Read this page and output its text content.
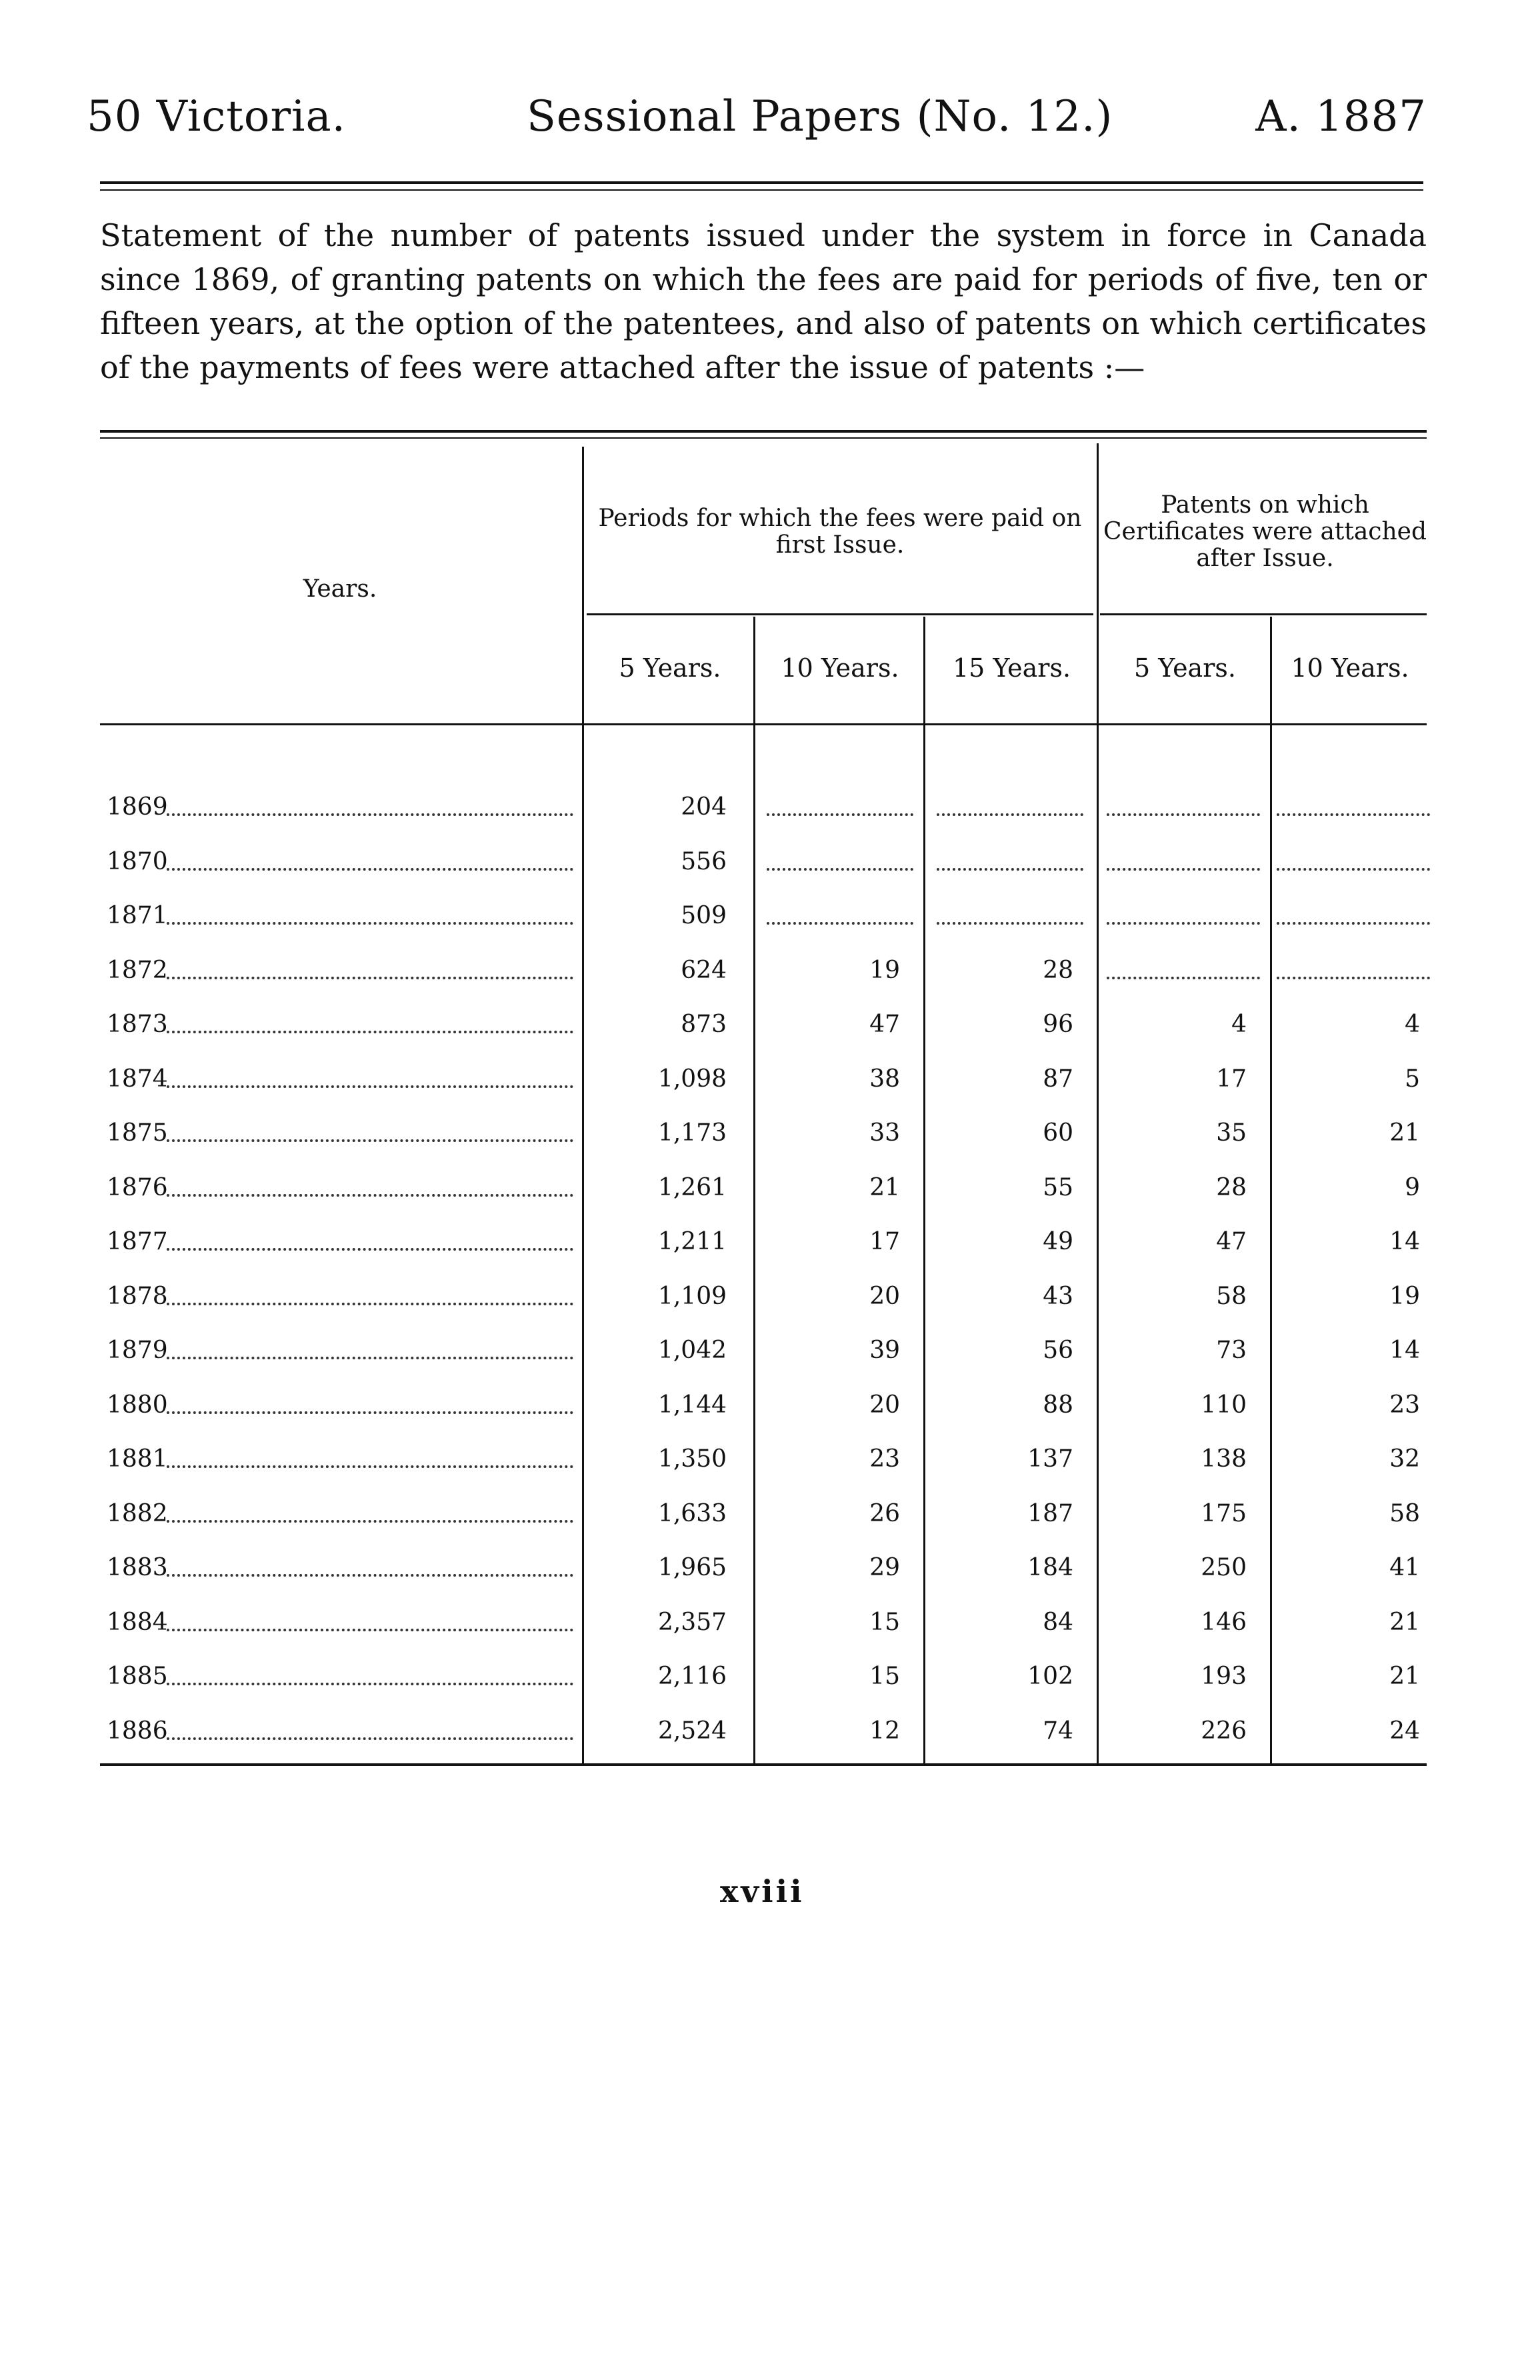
50 Victoria.	Sessional Papers (No. 12.)	A. 1887
Statement of the number of patents issued under the system in force in Canada since 1869, of granting patents on which the fees are paid for periods of five, ten or fifteen years, at the option of the patentees, and also of patents on which certificates of the payments of fees were attached after the issue of patents :—
Years.
Periods for which the fees were paid on first Issue.
Patents on which Certificates were attached after Issue.
5 Years.	10 Years.	15 Years.	5 Years.	10 Years.
1869	204
1870	556
1871	509
1872	624	19	28
1873	873	47	96	4	4
1874	1,098	38	87	17	5
1875	1,173	33	60	35	21
1876	1,261	21	55	28	9
1877	1,211	17	49	47	14
1878	1,109	20	43	58	19
1879	1,042	39	56	73	14
1880	1,144	20	88	110	23
1881	1,350	23	137	138	32
1882	1,633	26	187	175	58
1883	1,965	29	184	250	41
1884	2,357	15	84	146	21
1885	2,116	15	102	193	21
1886	2,524	12	74	226	24
xviii
